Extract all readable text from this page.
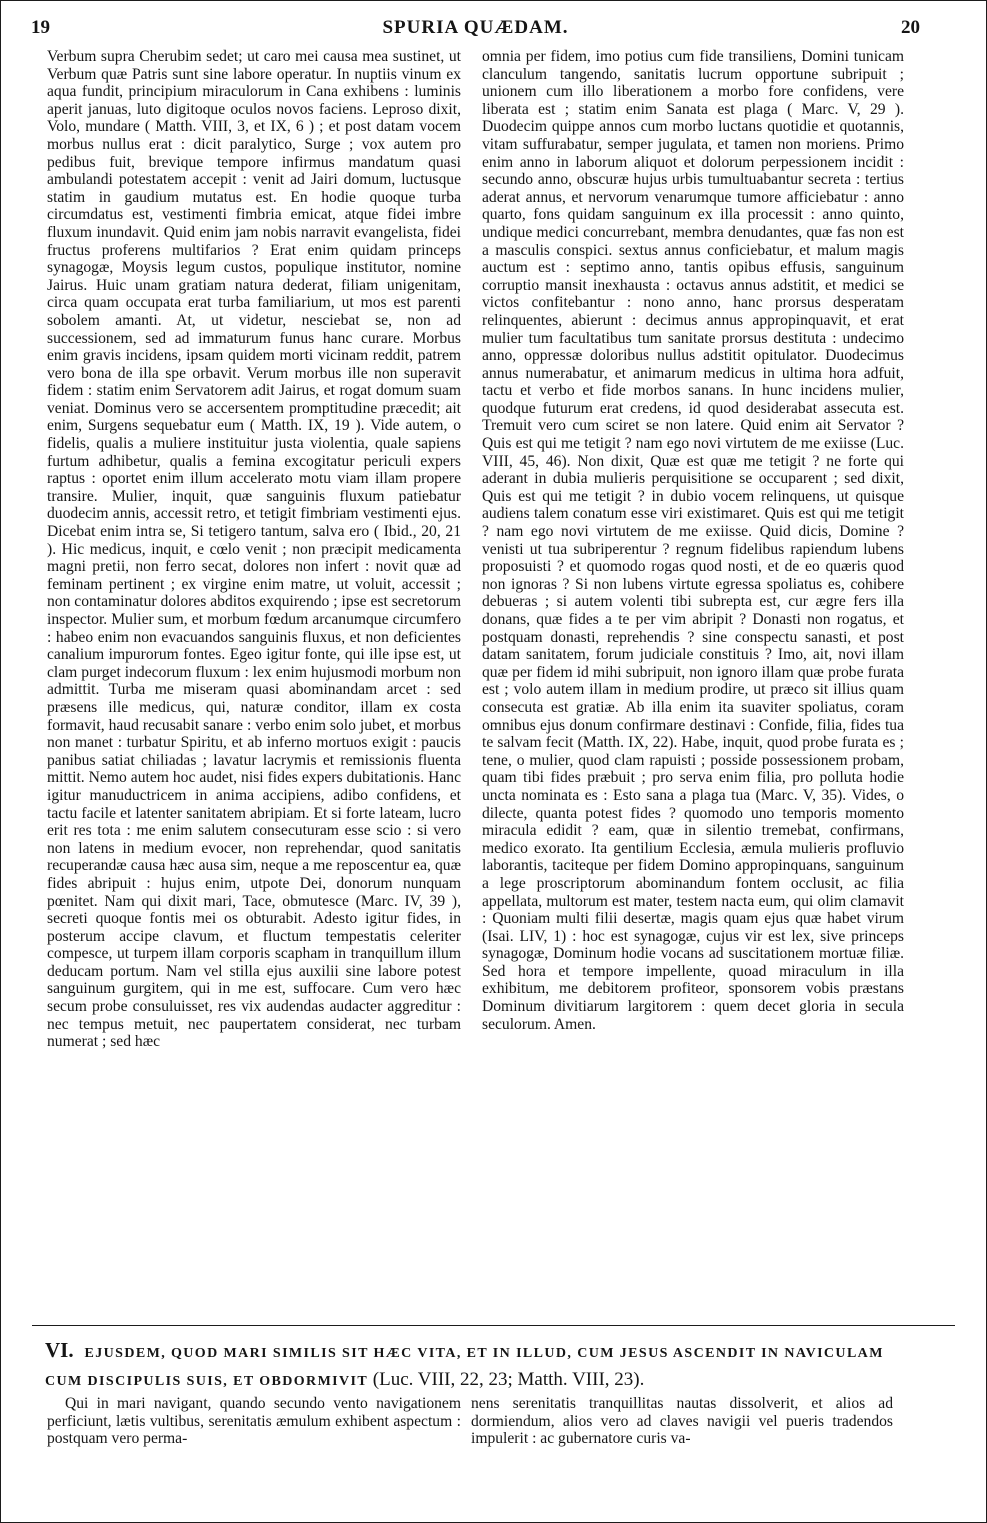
19	SPURIA QUÆDAM.	20

Verbum supra Cherubim sedet; ut caro mei causa mea sustinet, ut Verbum quæ Patris sunt sine labore operatur. In nuptiis vinum ex aqua fundit, principium miraculorum in Cana exhibens : luminis aperit januas, luto digitoque oculos novos faciens. Leproso dixit, Volo, mundare ( Matth. VIII, 3, et IX, 6 ) ; et post datam vocem morbus nullus erat : dicit paralytico, Surge ; vox autem pro pedibus fuit, brevique tempore infirmus mandatum quasi ambulandi potestatem accepit : venit ad Jairi domum, luctusque statim in gaudium mutatus est. En hodie quoque turba circumdatus est, vestimenti fimbria emicat, atque fidei imbre fluxum inundavit. Quid enim jam nobis narravit evangelista, fidei fructus proferens multifarios ? Erat enim quidam princeps synagogæ, Moysis legum custos, populique institutor, nomine Jairus. Huic unam gratiam natura dederat, filiam unigenitam, circa quam occupata erat turba familiarium, ut mos est parenti sobolem amanti. At, ut videtur, nesciebat se, non ad successionem, sed ad immaturum funus hanc curare. Morbus enim gravis incidens, ipsam quidem morti vicinam reddit, patrem vero bona de illa spe orbavit. Verum morbus ille non superavit fidem : statim enim Servatorem adit Jairus, et rogat domum suam veniat. Dominus vero se accersentem promptitudine præcedit; ait enim, Surgens sequebatur eum ( Matth. IX, 19 ). Vide autem, o fidelis, qualis a muliere instituitur justa violentia, quale sapiens furtum adhibetur, qualis a femina excogitatur periculi expers raptus : oportet enim illum accelerato motu viam illam propere transire. Mulier, inquit, quæ sanguinis fluxum patiebatur duodecim annis, accessit retro, et tetigit fimbriam vestimenti ejus. Dicebat enim intra se, Si tetigero tantum, salva ero ( Ibid., 20, 21 ). Hic medicus, inquit, e cœlo venit ; non præcipit medicamenta magni pretii, non ferro secat, dolores non infert : novit quæ ad feminam pertinent ; ex virgine enim matre, ut voluit, accessit ; non contaminatur dolores abditos exquirendo ; ipse est secretorum inspector. Mulier sum, et morbum fœdum arcanumque circumfero : habeo enim non evacuandos sanguinis fluxus, et non deficientes canalium impurorum fontes. Egeo igitur fonte, qui ille ipse est, ut clam purget indecorum fluxum : lex enim hujusmodi morbum non admittit. Turba me miseram quasi abominandam arcet : sed præsens ille medicus, qui, naturæ conditor, illam ex costa formavit, haud recusabit sanare : verbo enim solo jubet, et morbus non manet : turbatur Spiritu, et ab inferno mortuos exigit : paucis panibus satiat chiliadas ; lavatur lacrymis et remissionis fluenta mittit. Nemo autem hoc audet, nisi fides expers dubitationis. Hanc igitur manuductricem in anima accipiens, adibo confidens, et tactu facile et latenter sanitatem abripiam. Et si forte lateam, lucro erit res tota : me enim salutem consecuturam esse scio : si vero non latens in medium evocer, non reprehendar, quod sanitatis recuperandæ causa hæc ausa sim, neque a me reposcentur ea, quæ fides abripuit : hujus enim, utpote Dei, donorum nunquam pœnitet. Nam qui dixit mari, Tace, obmutesce (Marc. IV, 39 ), secreti quoque fontis mei os obturabit. Adesto igitur fides, in posterum accipe clavum, et fluctum tempestatis celeriter compesce, ut turpem illam corporis scapham in tranquillum illum deducam portum. Nam vel stilla ejus auxilii sine labore potest sanguinum gurgitem, qui in me est, suffocare. Cum vero hæc secum probe consuluisset, res vix audendas audacter aggreditur : nec tempus metuit, nec paupertatem considerat, nec turbam numerat ; sed hæc

omnia per fidem, imo potius cum fide transiliens, Domini tunicam clanculum tangendo, sanitatis lucrum opportune subripuit ; unionem cum illo liberationem a morbo fore confidens, vere liberata est ; statim enim Sanata est plaga ( Marc. V, 29 ). Duodecim quippe annos cum morbo luctans quotidie et quotannis, vitam suffurabatur, semper jugulata, et tamen non moriens. Primo enim anno in laborum aliquot et dolorum perpessionem incidit : secundo anno, obscuræ hujus urbis tumultuabantur secreta : tertius aderat annus, et nervorum venarumque tumore afficiebatur : anno quarto, fons quidam sanguinum ex illa processit : anno quinto, undique medici concurrebant, membra denudantes, quæ fas non est a masculis conspici. sextus annus conficiebatur, et malum magis auctum est : septimo anno, tantis opibus effusis, sanguinum corruptio mansit inexhausta : octavus annus adstitit, et medici se victos confitebantur : nono anno, hanc prorsus desperatam relinquentes, abierunt : decimus annus appropinquavit, et erat mulier tum facultatibus tum sanitate prorsus destituta : undecimo anno, oppressæ doloribus nullus adstitit opitulator. Duodecimus annus numerabatur, et animarum medicus in ultima hora adfuit, tactu et verbo et fide morbos sanans. In hunc incidens mulier, quodque futurum erat credens, id quod desiderabat assecuta est. Tremuit vero cum sciret se non latere. Quid enim ait Servator ? Quis est qui me tetigit ? nam ego novi virtutem de me exiisse (Luc. VIII, 45, 46). Non dixit, Quæ est quæ me tetigit ? ne forte qui aderant in dubia mulieris perquisitione se occuparent ; sed dixit, Quis est qui me tetigit ? in dubio vocem relinquens, ut quisque audiens talem conatum esse viri existimaret. Quis est qui me tetigit ? nam ego novi virtutem de me exiisse. Quid dicis, Domine ? venisti ut tua subriperentur ? regnum fidelibus rapiendum lubens proposuisti ? et quomodo rogas quod nosti, et de eo quæris quod non ignoras ? Si non lubens virtute egressa spoliatus es, cohibere debueras ; si autem volenti tibi subrepta est, cur ægre fers illa donans, quæ fides a te per vim abripit ? Donasti non rogatus, et postquam donasti, reprehendis ? sine conspectu sanasti, et post datam sanitatem, forum judiciale constituis ? Imo, ait, novi illam quæ per fidem id mihi subripuit, non ignoro illam quæ probe furata est ; volo autem illam in medium prodire, ut præco sit illius quam consecuta est gratiæ. Ab illa enim ita suaviter spoliatus, coram omnibus ejus donum confirmare destinavi : Confide, filia, fides tua te salvam fecit (Matth. IX, 22). Habe, inquit, quod probe furata es ; tene, o mulier, quod clam rapuisti ; posside possessionem probam, quam tibi fides præbuit ; pro serva enim filia, pro polluta hodie uncta nominata es : Esto sana a plaga tua (Marc. V, 35). Vides, o dilecte, quanta potest fides ? quomodo uno temporis momento miracula edidit ? eam, quæ in silentio tremebat, confirmans, medico exorato. Ita gentilium Ecclesia, æmula mulieris profluvio laborantis, taciteque per fidem Domino appropinquans, sanguinum a lege proscriptorum abominandum fontem occlusit, ac filia appellata, multorum est mater, testem nacta eum, qui olim clamavit : Quoniam multi filii desertæ, magis quam ejus quæ habet virum (Isai. LIV, 1) : hoc est synagogæ, cujus vir est lex, sive princeps synagogæ, Dominum hodie vocans ad suscitationem mortuæ filiæ. Sed hora et tempore impellente, quoad miraculum in illa exhibitum, me debitorem profiteor, sponsorem vobis præstans Dominum divitiarum largitorem : quem decet gloria in secula seculorum. Amen.

VI. EJUSDEM, QUOD MARI SIMILIS SIT HÆC VITA, ET IN ILLUD, CUM JESUS ASCENDIT IN NAVICULAM CUM DISCIPULIS SUIS, ET OBDORMIVIT (Luc. VIII, 22, 23; Matth. VIII, 23).

Qui in mari navigant, quando secundo vento navigationem perficiunt, lætis vultibus, serenitatis æmulum exhibent aspectum : postquam vero perma-

nens serenitatis tranquillitas nautas dissolverit, et alios ad dormiendum, alios vero ad claves navigii vel pueris tradendos impulerit : ac gubernatore curis va-
